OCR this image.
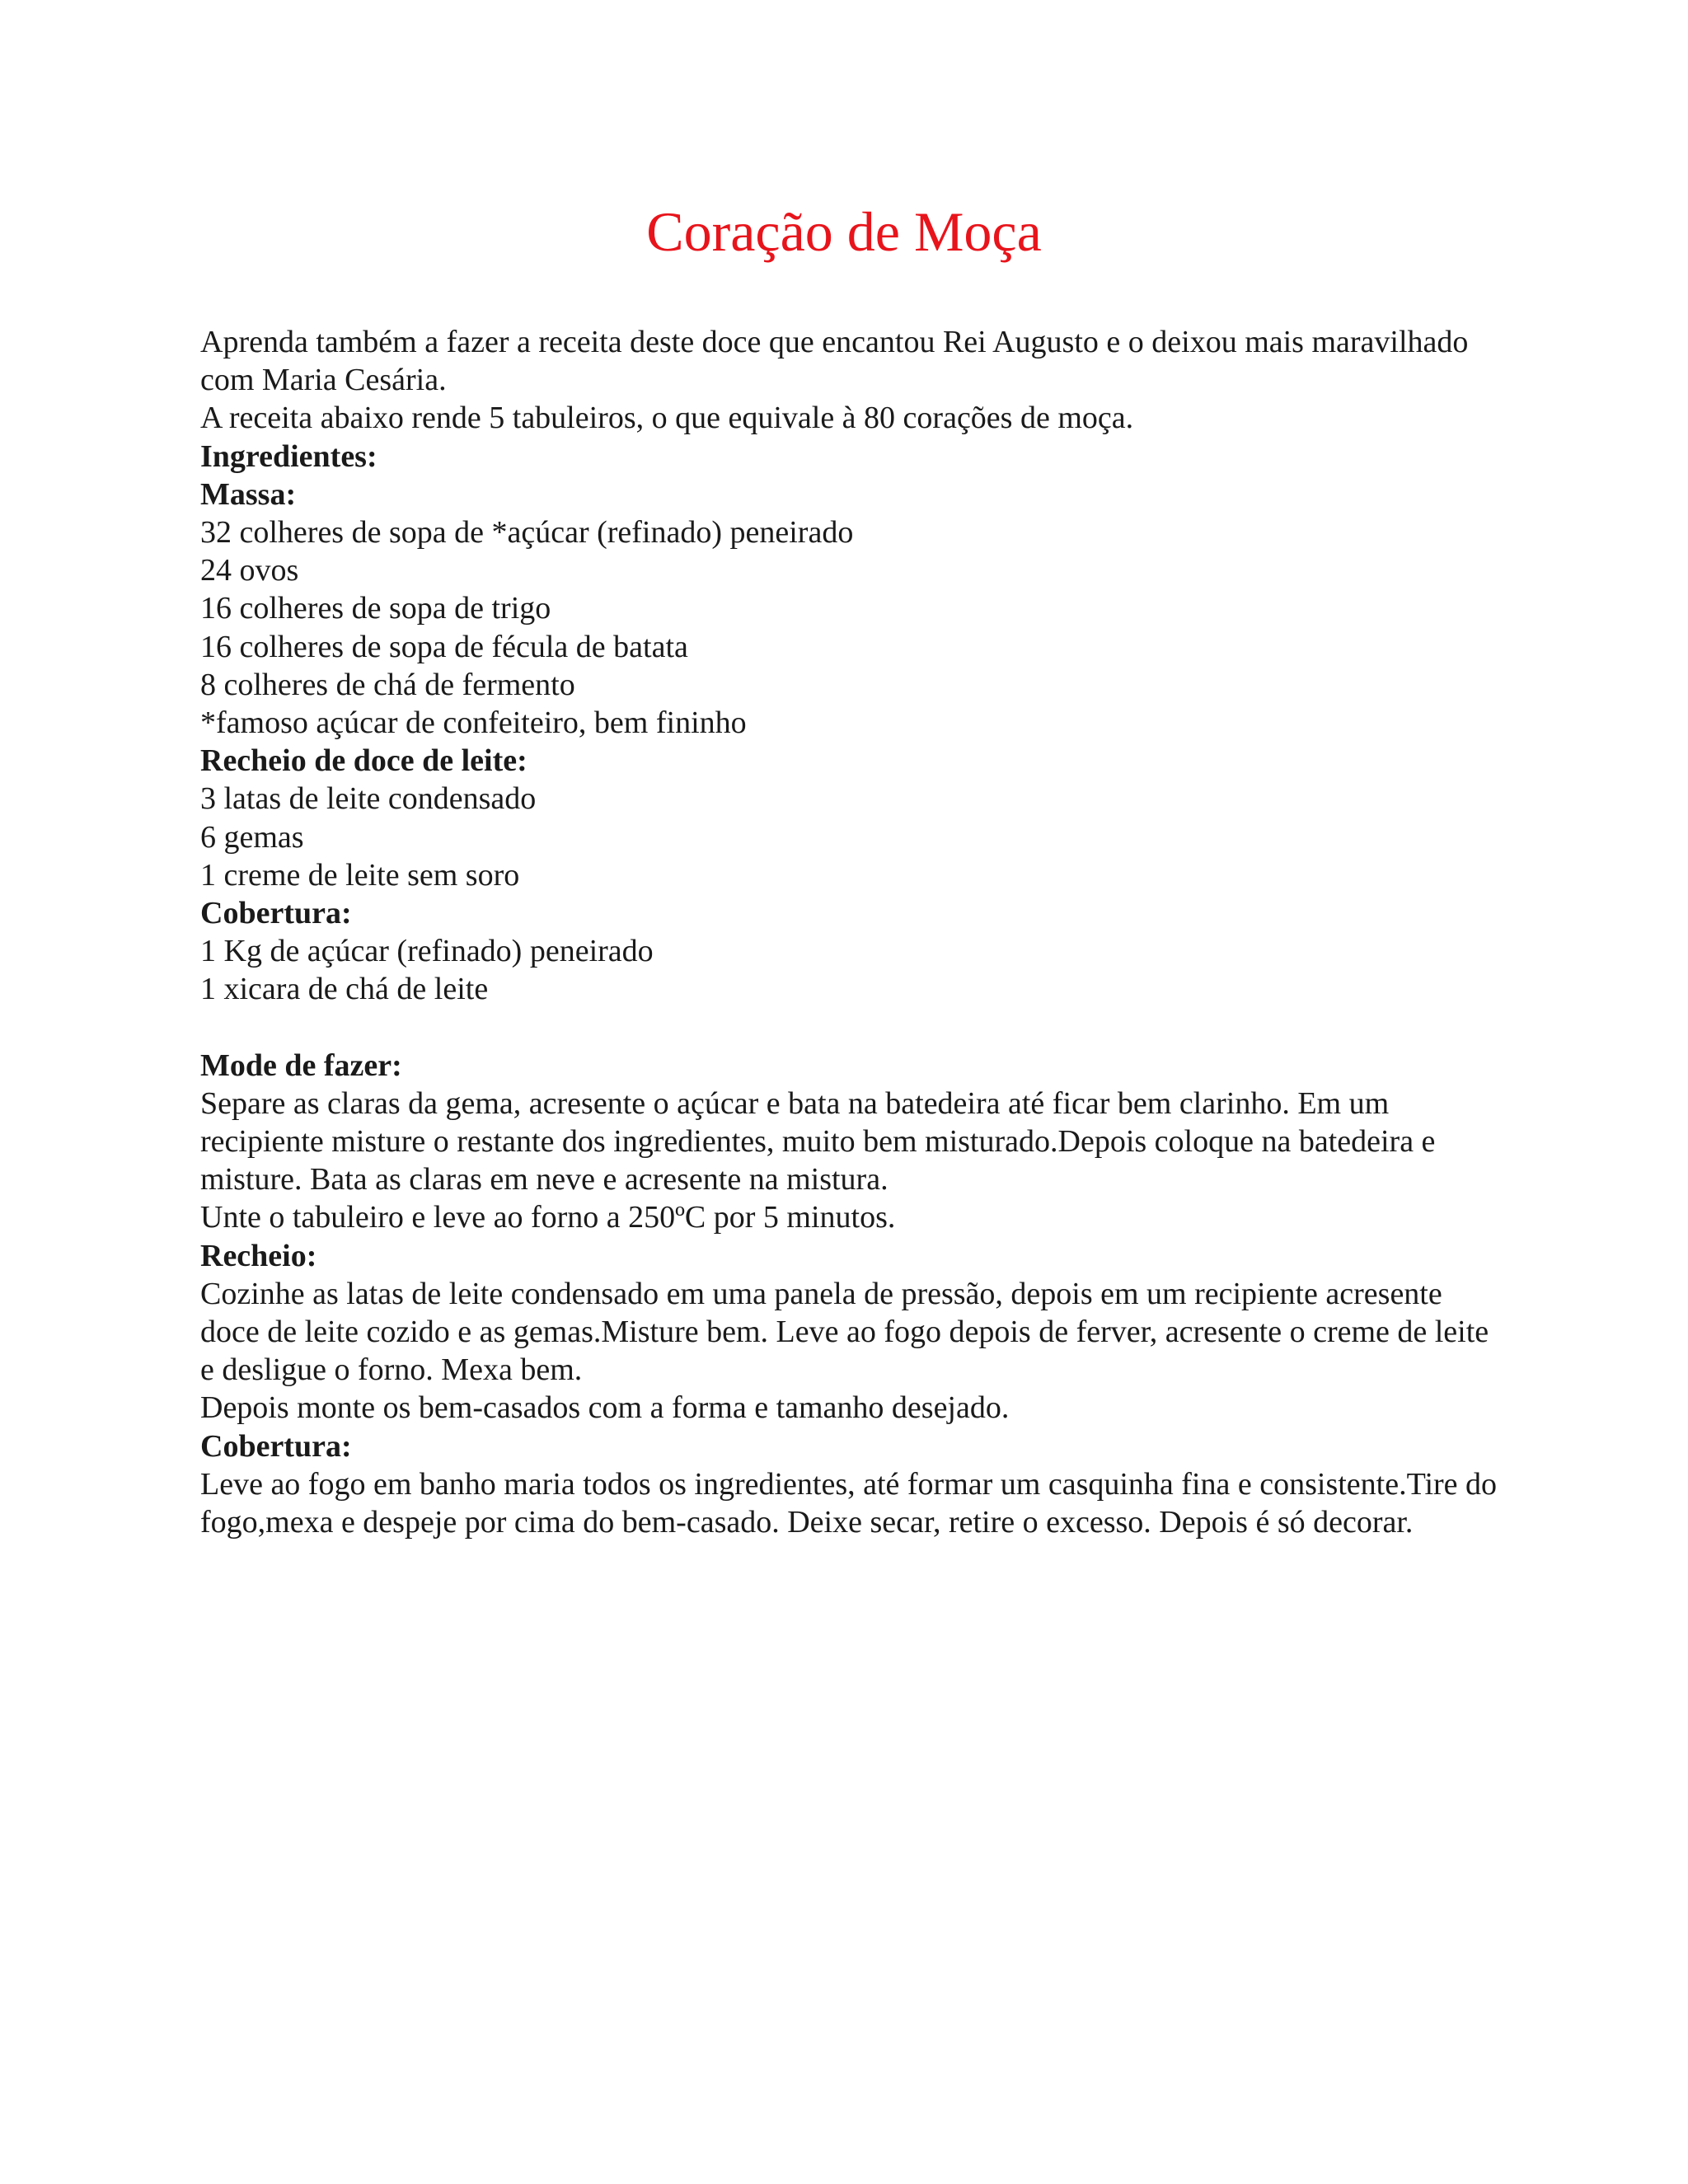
Coração de Moça

Aprenda também a fazer a receita deste doce que encantou Rei Augusto e o deixou mais maravilhado com Maria Cesária.

A receita abaixo rende 5 tabuleiros, o que equivale à 80 corações de moça.

Ingredientes:

Massa:

32 colheres de sopa de *açúcar (refinado) peneirado

24 ovos

16 colheres de sopa de trigo

16 colheres de sopa de fécula de batata

8 colheres de chá de fermento

*famoso açúcar de confeiteiro, bem fininho

Recheio de doce de leite:

3 latas de leite condensado

6 gemas

1 creme de leite sem soro

Cobertura:

1 Kg de açúcar (refinado) peneirado

1 xicara de chá de leite

Mode de fazer:

Separe as claras da gema, acresente o açúcar e bata na batedeira até ficar bem clarinho. Em um recipiente misture o restante dos ingredientes, muito bem misturado.Depois coloque na batedeira e misture. Bata as claras em neve e acresente na mistura.

Unte o tabuleiro e leve ao forno a 250ºC por 5 minutos.

Recheio:

Cozinhe as latas de leite condensado em uma panela de pressão, depois em um recipiente acresente doce de leite cozido e as gemas.Misture bem. Leve ao fogo depois de ferver, acresente o creme de leite e desligue o forno. Mexa bem.

Depois monte os bem-casados com a forma e tamanho desejado.

Cobertura:

Leve ao fogo em banho maria todos os ingredientes, até formar um casquinha fina e consistente.Tire do fogo,mexa e despeje por cima do bem-casado. Deixe secar, retire o excesso. Depois é só decorar.
